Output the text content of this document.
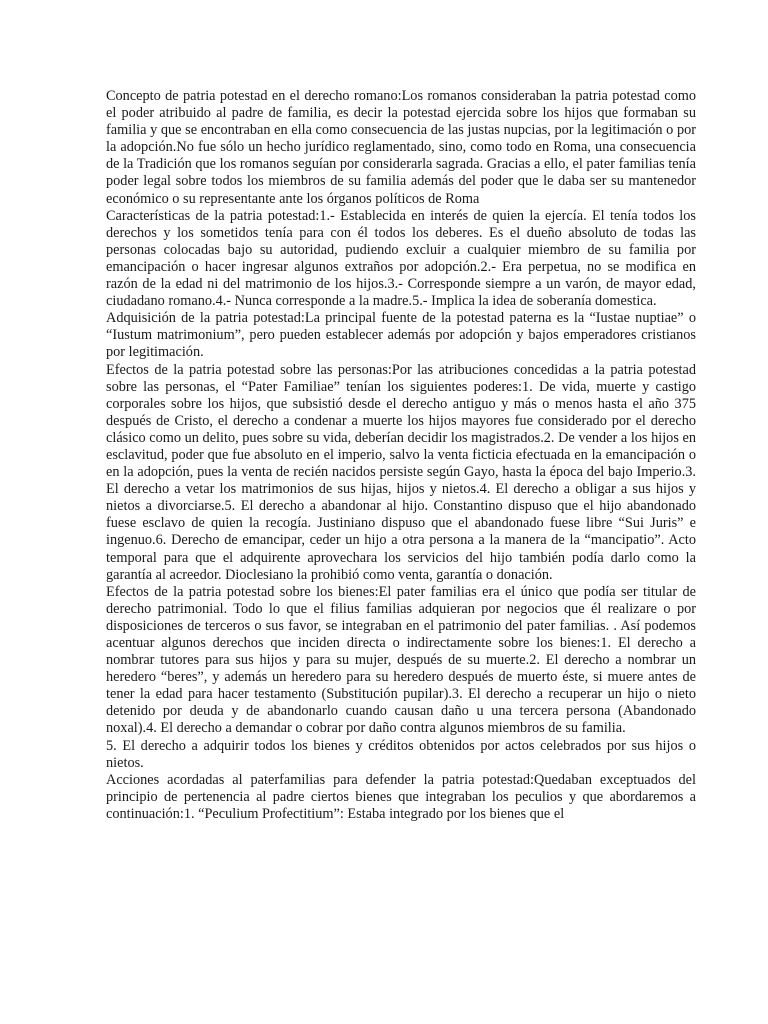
Concepto de patria potestad en el derecho romano:Los romanos consideraban la patria potestad como el poder atribuido al padre de familia, es decir la potestad ejercida sobre los hijos que formaban su familia y que se encontraban en ella como consecuencia de las justas nupcias, por la legitimación o por la adopción.No fue sólo un hecho jurídico reglamentado, sino, como todo en Roma, una consecuencia de la Tradición que los romanos seguían por considerarla sagrada. Gracias a ello, el pater familias tenía poder legal sobre todos los miembros de su familia además del poder que le daba ser su mantenedor económico o su representante ante los órganos políticos de Roma

Características de la patria potestad:1.- Establecida en interés de quien la ejercía. El tenía todos los derechos y los sometidos tenía para con él todos los deberes. Es el dueño absoluto de todas las personas colocadas bajo su autoridad, pudiendo excluir a cualquier miembro de su familia por emancipación o hacer ingresar algunos extraños por adopción.2.- Era perpetua, no se modifica en razón de la edad ni del matrimonio de los hijos.3.- Corresponde siempre a un varón, de mayor edad, ciudadano romano.4.- Nunca corresponde a la madre.5.- Implica la idea de soberanía domestica.

Adquisición de la patria potestad:La principal fuente de la potestad paterna es la “Iustae nuptiae” o “Iustum matrimonium”, pero pueden establecer además por adopción y bajos emperadores cristianos por legitimación.

Efectos de la patria potestad sobre las personas:Por las atribuciones concedidas a la patria potestad sobre las personas, el “Pater Familiae” tenían los siguientes poderes:1. De vida, muerte y castigo corporales sobre los hijos, que subsistió desde el derecho antiguo y más o menos hasta el año 375 después de Cristo, el derecho a condenar a muerte los hijos mayores fue considerado por el derecho clásico como un delito, pues sobre su vida, deberían decidir los magistrados.2. De vender a los hijos en esclavitud, poder que fue absoluto en el imperio, salvo la venta ficticia efectuada en la emancipación o en la adopción, pues la venta de recién nacidos persiste según Gayo, hasta la época del bajo Imperio.3. El derecho a vetar los matrimonios de sus hijas, hijos y nietos.4. El derecho a obligar a sus hijos y nietos a divorciarse.5. El derecho a abandonar al hijo. Constantino dispuso que el hijo abandonado fuese esclavo de quien la recogía. Justiniano dispuso que el abandonado fuese libre “Sui Juris” e ingenuo.6. Derecho de emancipar, ceder un hijo a otra persona a la manera de la “mancipatio”. Acto temporal para que el adquirente aprovechara los servicios del hijo también podía darlo como la garantía al acreedor. Dioclesiano la prohibió como venta, garantía o donación.

Efectos de la patria potestad sobre los bienes:El pater familias era el único que podía ser titular de derecho patrimonial. Todo lo que el filius familias adquieran por negocios que él realizare o por disposiciones de terceros o sus favor, se integraban en el patrimonio del pater familias. . Así podemos acentuar algunos derechos que inciden directa o indirectamente sobre los bienes:1. El derecho a nombrar tutores para sus hijos y para su mujer, después de su muerte.2. El derecho a nombrar un heredero “beres”, y además un heredero para su heredero después de muerto éste, si muere antes de tener la edad para hacer testamento (Substitución pupilar).3. El derecho a recuperar un hijo o nieto detenido por deuda y de abandonarlo cuando causan daño u una tercera persona (Abandonado noxal).4. El derecho a demandar o cobrar por daño contra algunos miembros de su familia.

5. El derecho a adquirir todos los bienes y créditos obtenidos por actos celebrados por sus hijos o nietos.

Acciones acordadas al paterfamilias para defender la patria potestad:Quedaban exceptuados del principio de pertenencia al padre ciertos bienes que integraban los peculios y que abordaremos a continuación:1. “Peculium Profectitium”: Estaba integrado por los bienes que el
